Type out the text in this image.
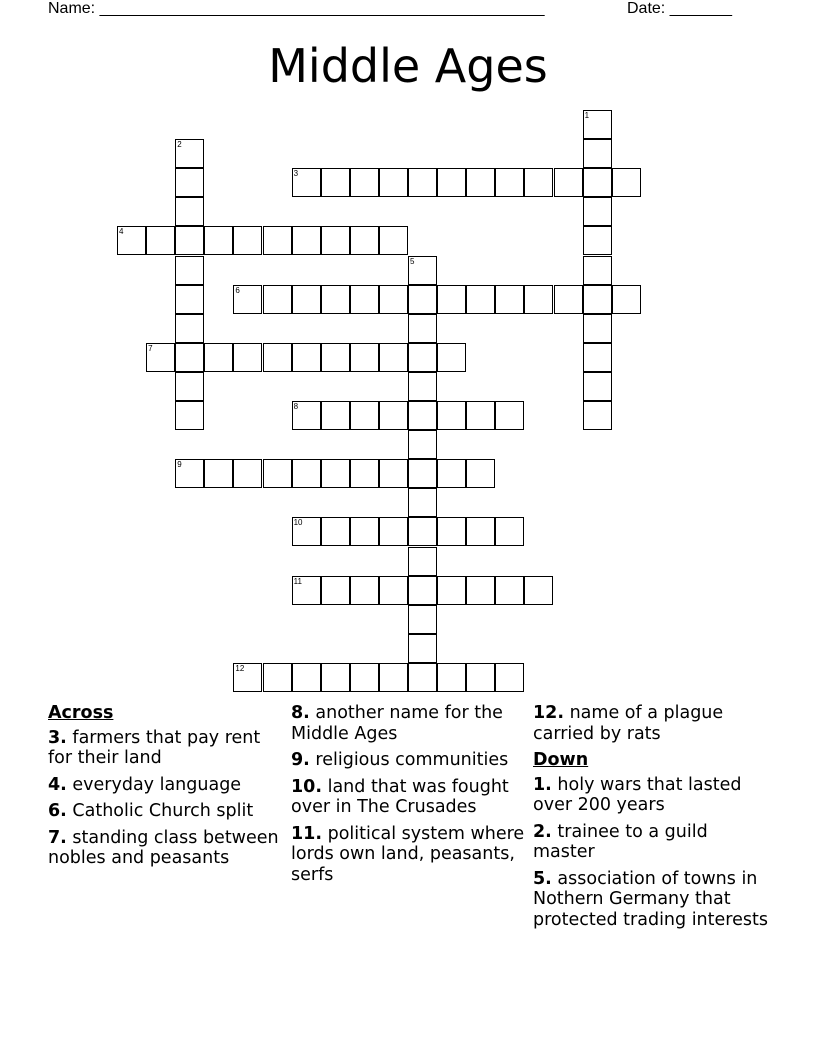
Name: __________________________________________________	Date: _______
Middle Ages
1
2
3
4
5
6
7
8
9
10
11
12
Across
3. farmers that pay rent for their land
4. everyday language
6. Catholic Church split
7. standing class between nobles and peasants
8. another name for the Middle Ages
9. religious communities
10. land that was fought over in The Crusades
11. political system where lords own land, peasants, serfs
12. name of a plague carried by rats
Down
1. holy wars that lasted over 200 years
2. trainee to a guild master
5. association of towns in Nothern Germany that protected trading interests
